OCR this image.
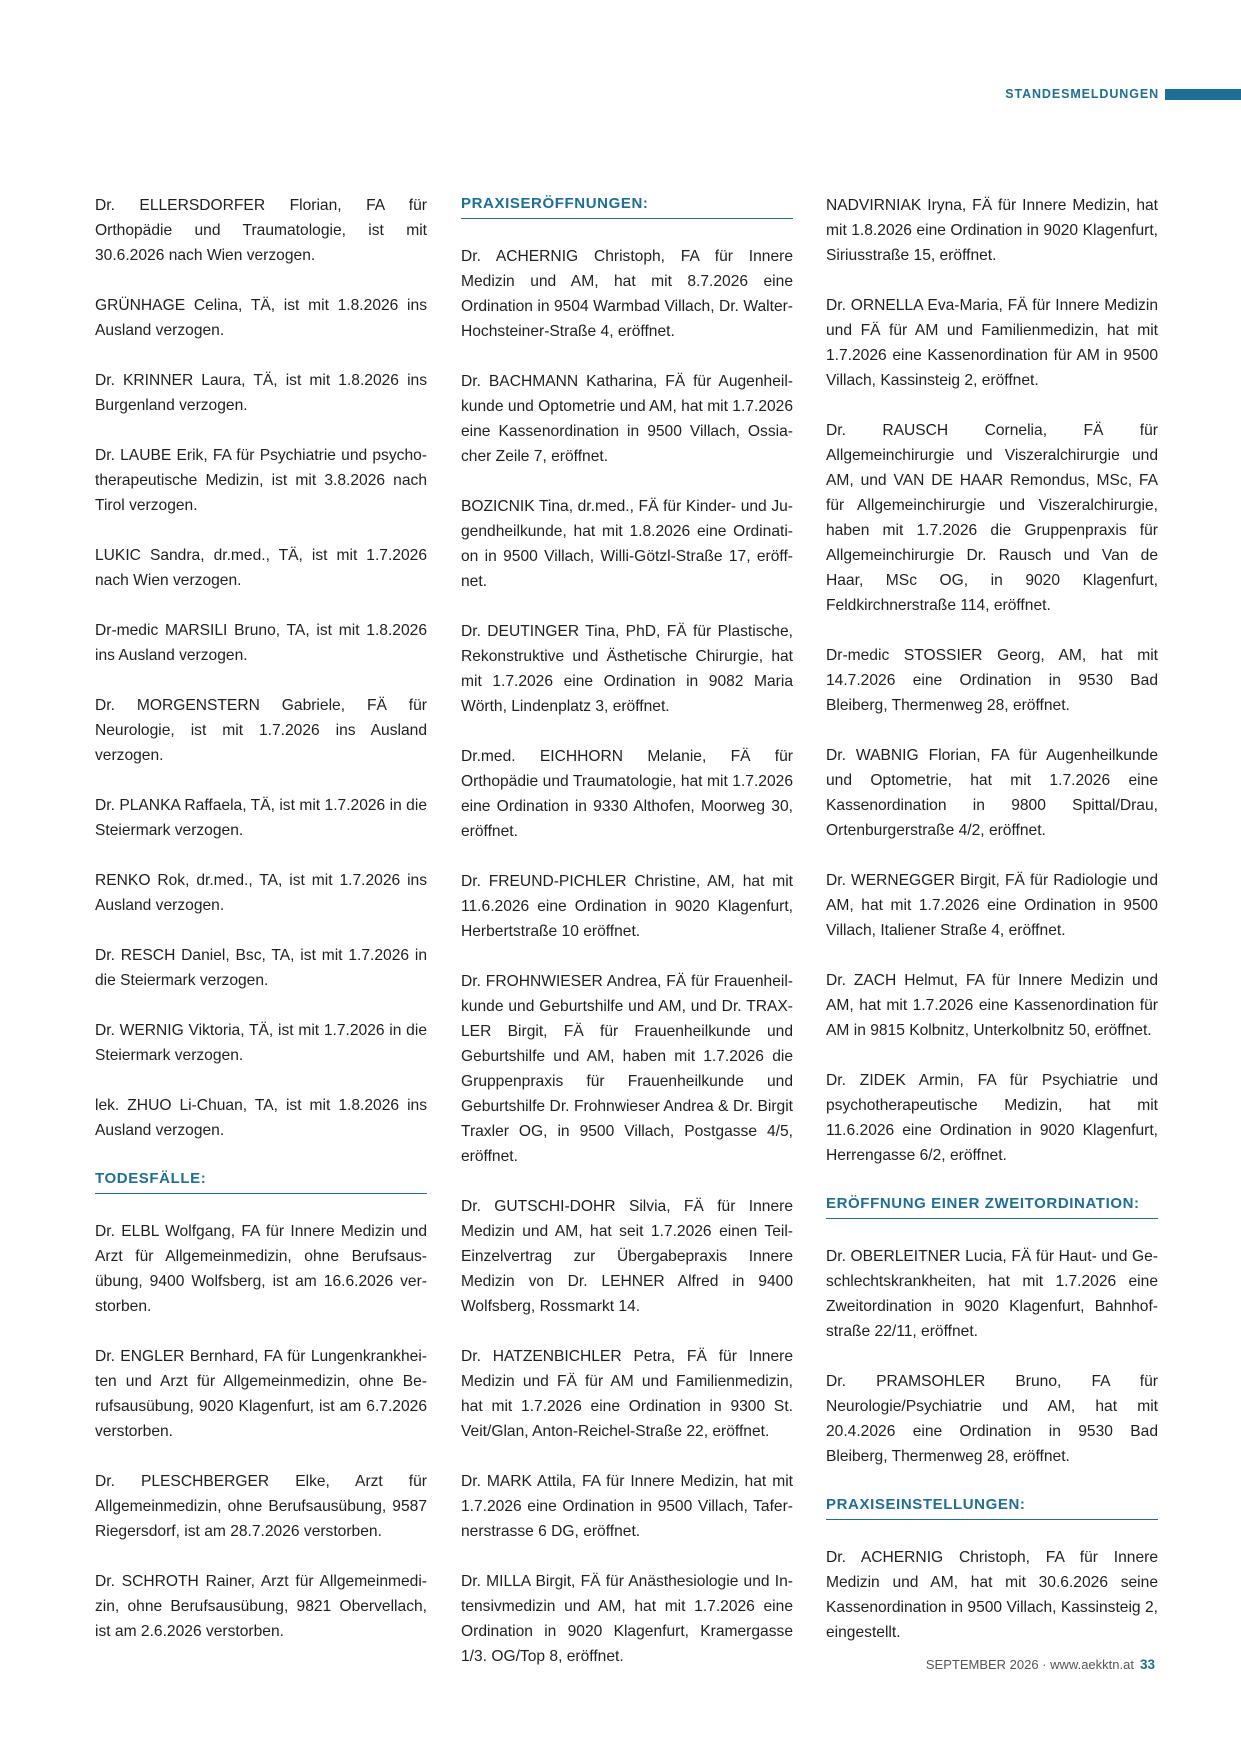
STANDESMELDUNGEN

Dr. ELLERSDORFER Florian, FA für Orthopädie und Traumatologie, ist mit 30.6.2026 nach Wien verzogen.

GRÜNHAGE Celina, TÄ, ist mit 1.8.2026 ins Ausland verzogen.

Dr. KRINNER Laura, TÄ, ist mit 1.8.2026 ins Burgenland verzogen.

Dr. LAUBE Erik, FA für Psychiatrie und psychotherapeutische Medizin, ist mit 3.8.2026 nach Tirol verzogen.

LUKIC Sandra, dr.med., TÄ, ist mit 1.7.2026 nach Wien verzogen.

Dr-medic MARSILI Bruno, TA, ist mit 1.8.2026 ins Ausland verzogen.

Dr. MORGENSTERN Gabriele, FÄ für Neurologie, ist mit 1.7.2026 ins Ausland verzogen.

Dr. PLANKA Raffaela, TÄ, ist mit 1.7.2026 in die Steiermark verzogen.

RENKO Rok, dr.med., TA, ist mit 1.7.2026 ins Ausland verzogen.

Dr. RESCH Daniel, Bsc, TA, ist mit 1.7.2026 in die Steiermark verzogen.

Dr. WERNIG Viktoria, TÄ, ist mit 1.7.2026 in die Steiermark verzogen.

lek. ZHUO Li-Chuan, TA, ist mit 1.8.2026 ins Ausland verzogen.

TODESFÄLLE:

Dr. ELBL Wolfgang, FA für Innere Medizin und Arzt für Allgemeinmedizin, ohne Berufsausübung, 9400 Wolfsberg, ist am 16.6.2026 verstorben.

Dr. ENGLER Bernhard, FA für Lungenkrankheiten und Arzt für Allgemeinmedizin, ohne Berufsausübung, 9020 Klagenfurt, ist am 6.7.2026 verstorben.

Dr. PLESCHBERGER Elke, Arzt für Allgemeinmedizin, ohne Berufsausübung, 9587 Riegersdorf, ist am 28.7.2026 verstorben.

Dr. SCHROTH Rainer, Arzt für Allgemeinmedizin, ohne Berufsausübung, 9821 Obervellach, ist am 2.6.2026 verstorben.

PRAXISERÖFFNUNGEN:

Dr. ACHERNIG Christoph, FA für Innere Medizin und AM, hat mit 8.7.2026 eine Ordination in 9504 Warmbad Villach, Dr. Walter-Hochsteiner-Straße 4, eröffnet.

Dr. BACHMANN Katharina, FÄ für Augenheilkunde und Optometrie und AM, hat mit 1.7.2026 eine Kassenordination in 9500 Villach, Ossiacher Zeile 7, eröffnet.

BOZICNIK Tina, dr.med., FÄ für Kinder- und Jugendheilkunde, hat mit 1.8.2026 eine Ordination in 9500 Villach, Willi-Götzl-Straße 17, eröffnet.

Dr. DEUTINGER Tina, PhD, FÄ für Plastische, Rekonstruktive und Ästhetische Chirurgie, hat mit 1.7.2026 eine Ordination in 9082 Maria Wörth, Lindenplatz 3, eröffnet.

Dr.med. EICHHORN Melanie, FÄ für Orthopädie und Traumatologie, hat mit 1.7.2026 eine Ordination in 9330 Althofen, Moorweg 30, eröffnet.

Dr. FREUND-PICHLER Christine, AM, hat mit 11.6.2026 eine Ordination in 9020 Klagenfurt, Herbertstraße 10 eröffnet.

Dr. FROHNWIESER Andrea, FÄ für Frauenheilkunde und Geburtshilfe und AM, und Dr. TRAXLER Birgit, FÄ für Frauenheilkunde und Geburtshilfe und AM, haben mit 1.7.2026 die Gruppenpraxis für Frauenheilkunde und Geburtshilfe Dr. Frohnwieser Andrea & Dr. Birgit Traxler OG, in 9500 Villach, Postgasse 4/5, eröffnet.

Dr. GUTSCHI-DOHR Silvia, FÄ für Innere Medizin und AM, hat seit 1.7.2026 einen Teil-Einzelvertrag zur Übergabepraxis Innere Medizin von Dr. LEHNER Alfred in 9400 Wolfsberg, Rossmarkt 14.

Dr. HATZENBICHLER Petra, FÄ für Innere Medizin und FÄ für AM und Familienmedizin, hat mit 1.7.2026 eine Ordination in 9300 St. Veit/Glan, Anton-Reichel-Straße 22, eröffnet.

Dr. MARK Attila, FA für Innere Medizin, hat mit 1.7.2026 eine Ordination in 9500 Villach, Tafernerstrasse 6 DG, eröffnet.

Dr. MILLA Birgit, FÄ für Anästhesiologie und Intensivmedizin und AM, hat mit 1.7.2026 eine Ordination in 9020 Klagenfurt, Kramergasse 1/3. OG/Top 8, eröffnet.

NADVIRNIAK Iryna, FÄ für Innere Medizin, hat mit 1.8.2026 eine Ordination in 9020 Klagenfurt, Siriusstraße 15, eröffnet.

Dr. ORNELLA Eva-Maria, FÄ für Innere Medizin und FÄ für AM und Familienmedizin, hat mit 1.7.2026 eine Kassenordination für AM in 9500 Villach, Kassinsteig 2, eröffnet.

Dr. RAUSCH Cornelia, FÄ für Allgemeinchirurgie und Viszeralchirurgie und AM, und VAN DE HAAR Remondus, MSc, FA für Allgemeinchirurgie und Viszeralchirurgie, haben mit 1.7.2026 die Gruppenpraxis für Allgemeinchirurgie Dr. Rausch und Van de Haar, MSc OG, in 9020 Klagenfurt, Feldkirchnerstraße 114, eröffnet.

Dr-medic STOSSIER Georg, AM, hat mit 14.7.2026 eine Ordination in 9530 Bad Bleiberg, Thermenweg 28, eröffnet.

Dr. WABNIG Florian, FA für Augenheilkunde und Optometrie, hat mit 1.7.2026 eine Kassenordination in 9800 Spittal/Drau, Ortenburgerstraße 4/2, eröffnet.

Dr. WERNEGGER Birgit, FÄ für Radiologie und AM, hat mit 1.7.2026 eine Ordination in 9500 Villach, Italiener Straße 4, eröffnet.

Dr. ZACH Helmut, FA für Innere Medizin und AM, hat mit 1.7.2026 eine Kassenordination für AM in 9815 Kolbnitz, Unterkolbnitz 50, eröffnet.

Dr. ZIDEK Armin, FA für Psychiatrie und psychotherapeutische Medizin, hat mit 11.6.2026 eine Ordination in 9020 Klagenfurt, Herrengasse 6/2, eröffnet.

ERÖFFNUNG EINER ZWEITORDINATION:

Dr. OBERLEITNER Lucia, FÄ für Haut- und Geschlechtskrankheiten, hat mit 1.7.2026 eine Zweitordination in 9020 Klagenfurt, Bahnhofstraße 22/11, eröffnet.

Dr. PRAMSOHLER Bruno, FA für Neurologie/Psychiatrie und AM, hat mit 20.4.2026 eine Ordination in 9530 Bad Bleiberg, Thermenweg 28, eröffnet.

PRAXISEINSTELLUNGEN:

Dr. ACHERNIG Christoph, FA für Innere Medizin und AM, hat mit 30.6.2026 seine Kassenordination in 9500 Villach, Kassinsteig 2, eingestellt.

SEPTEMBER 2026 · www.aekktn.at 33
